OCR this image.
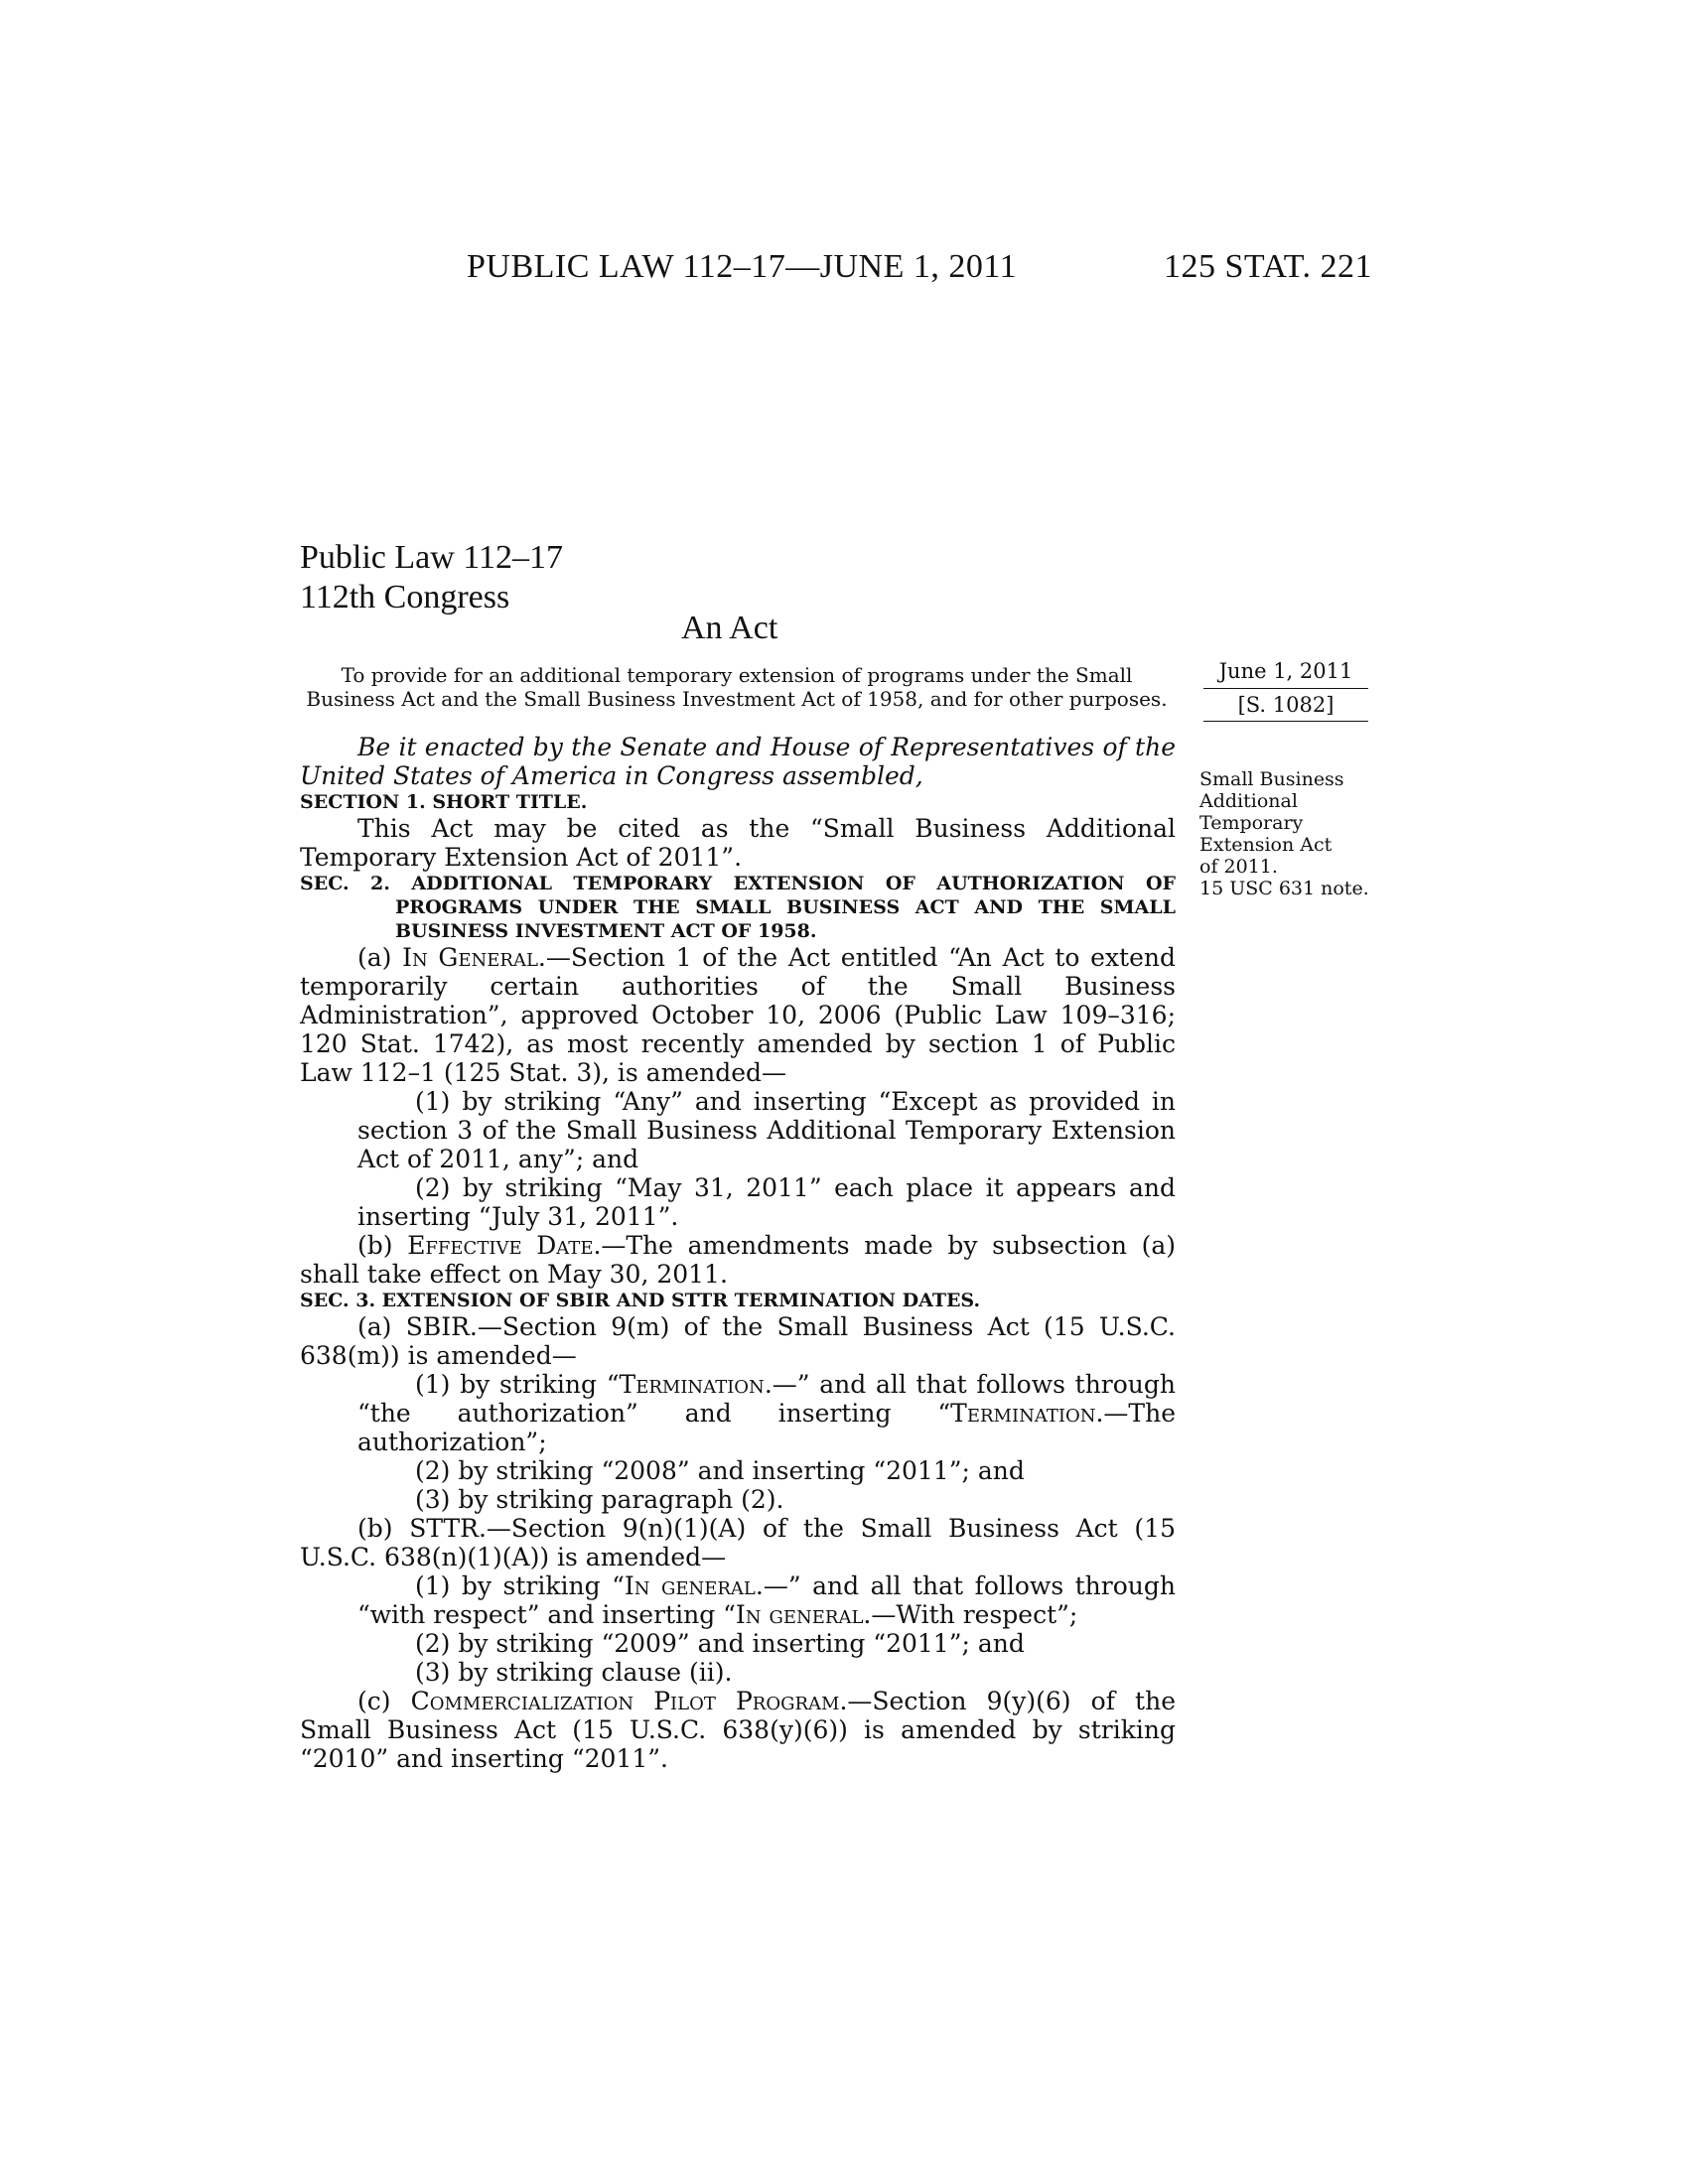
PUBLIC LAW 112–17—JUNE 1, 2011	125 STAT. 221
Public Law 112–17
112th Congress
An Act
To provide for an additional temporary extension of programs under the Small Business Act and the Small Business Investment Act of 1958, and for other purposes.
June 1, 2011
[S. 1082]
Small Business
Additional
Temporary
Extension Act
of 2011.
15 USC 631 note.

Be it enacted by the Senate and House of Representatives of the United States of America in Congress assembled,

SECTION 1. SHORT TITLE.

This Act may be cited as the “Small Business Additional Temporary Extension Act of 2011”.

SEC. 2. ADDITIONAL TEMPORARY EXTENSION OF AUTHORIZATION OF PROGRAMS UNDER THE SMALL BUSINESS ACT AND THE SMALL BUSINESS INVESTMENT ACT OF 1958.

(a) In General.—Section 1 of the Act entitled “An Act to extend temporarily certain authorities of the Small Business Administration”, approved October 10, 2006 (Public Law 109–316; 120 Stat. 1742), as most recently amended by section 1 of Public Law 112–1 (125 Stat. 3), is amended—

(1) by striking “Any” and inserting “Except as provided in section 3 of the Small Business Additional Temporary Extension Act of 2011, any”; and

(2) by striking “May 31, 2011” each place it appears and inserting “July 31, 2011”.

(b) Effective Date.—The amendments made by subsection (a) shall take effect on May 30, 2011.

SEC. 3. EXTENSION OF SBIR AND STTR TERMINATION DATES.

(a) SBIR.—Section 9(m) of the Small Business Act (15 U.S.C. 638(m)) is amended—

(1) by striking “Termination.—” and all that follows through “the authorization” and inserting “Termination.—The authorization”;

(2) by striking “2008” and inserting “2011”; and

(3) by striking paragraph (2).

(b) STTR.—Section 9(n)(1)(A) of the Small Business Act (15 U.S.C. 638(n)(1)(A)) is amended—

(1) by striking “In general.—” and all that follows through “with respect” and inserting “In general.—With respect”;

(2) by striking “2009” and inserting “2011”; and

(3) by striking clause (ii).

(c) Commercialization Pilot Program.—Section 9(y)(6) of the Small Business Act (15 U.S.C. 638(y)(6)) is amended by striking “2010” and inserting “2011”.
